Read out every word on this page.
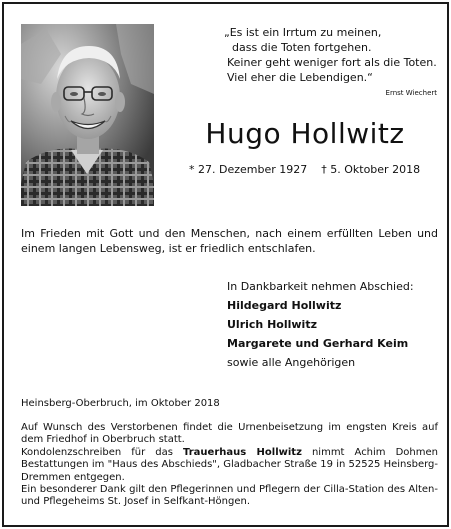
„Es ist ein Irrtum zu meinen,
dass die Toten fortgehen.
Keiner geht weniger fort als die Toten.
Viel eher die Lebendigen.“
Ernst Wiechert
Hugo Hollwitz
* 27. Dezember 1927 † 5. Oktober 2018
Im Frieden mit Gott und den Menschen, nach einem erfüllten Leben und einem langen Lebensweg, ist er friedlich entschlafen.
In Dankbarkeit nehmen Abschied:
Hildegard Hollwitz
Ulrich Hollwitz
Margarete und Gerhard Keim
sowie alle Angehörigen
Heinsberg-Oberbruch, im Oktober 2018

Auf Wunsch des Verstorbenen findet die Urnenbeisetzung im engsten Kreis auf dem Friedhof in Oberbruch statt.

Kondolenzschreiben für das Trauerhaus Hollwitz nimmt Achim Dohmen Bestattungen im "Haus des Abschieds", Gladbacher Straße 19 in 52525 Heinsberg-Dremmen entgegen.

Ein besonderer Dank gilt den Pflegerinnen und Pflegern der Cilla-Station des Alten- und Pflegeheims St. Josef in Selfkant-Höngen.
